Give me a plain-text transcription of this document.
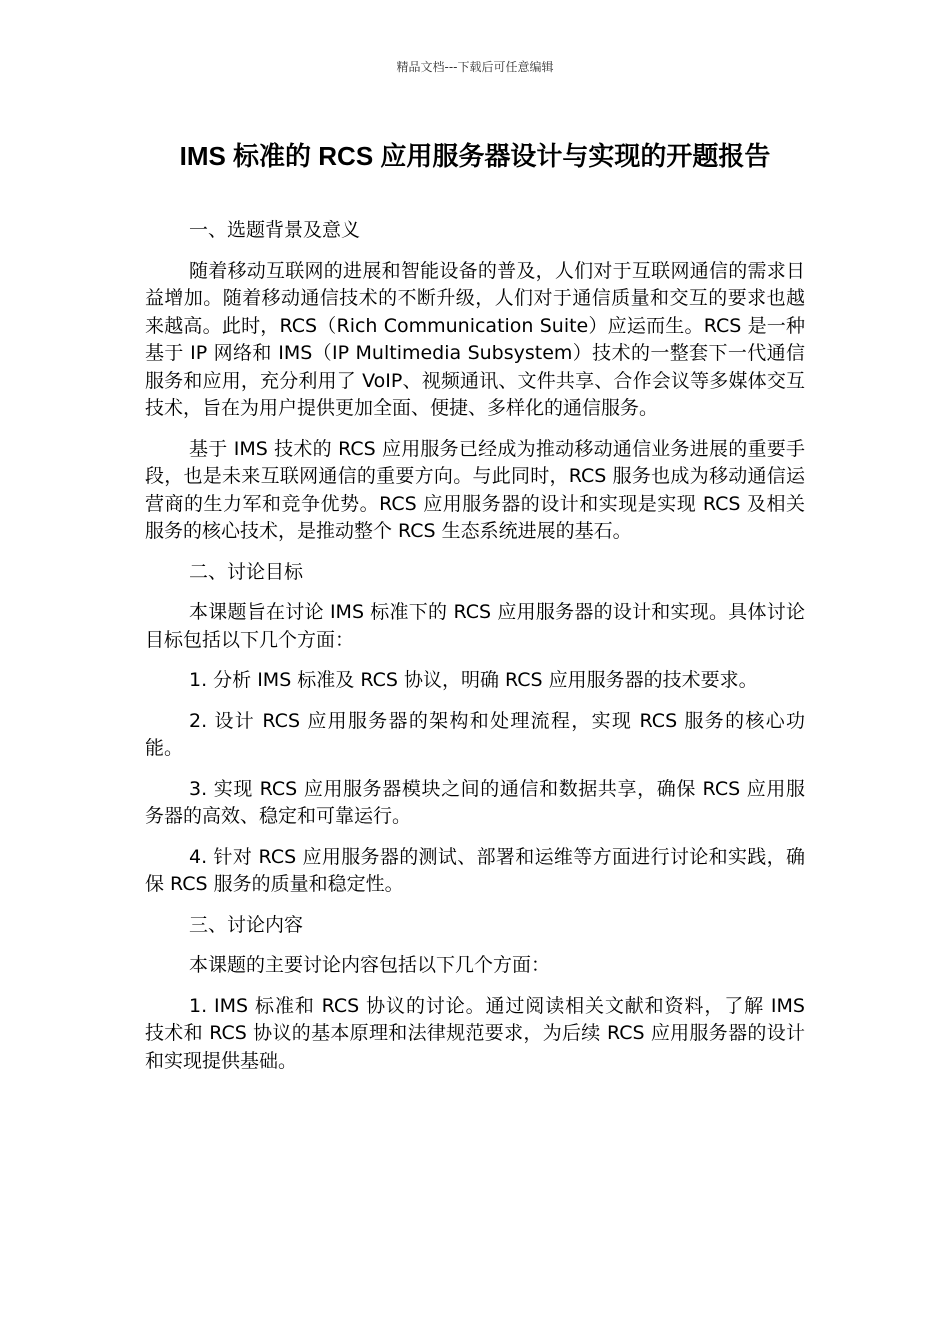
精品文档---下载后可任意编辑
IMS 标准的 RCS 应用服务器设计与实现的开题报告

一、选题背景及意义

随着移动互联网的进展和智能设备的普及，人们对于互联网通信的需求日益增加。随着移动通信技术的不断升级，人们对于通信质量和交互的要求也越来越高。此时，RCS（Rich Communication Suite）应运而生。RCS 是一种基于 IP 网络和 IMS（IP Multimedia Subsystem）技术的一整套下一代通信服务和应用，充分利用了 VoIP、视频通讯、文件共享、合作会议等多媒体交互技术，旨在为用户提供更加全面、便捷、多样化的通信服务。

基于 IMS 技术的 RCS 应用服务已经成为推动移动通信业务进展的重要手段，也是未来互联网通信的重要方向。与此同时，RCS 服务也成为移动通信运营商的生力军和竞争优势。RCS 应用服务器的设计和实现是实现 RCS 及相关服务的核心技术，是推动整个 RCS 生态系统进展的基石。

二、讨论目标

本课题旨在讨论 IMS 标准下的 RCS 应用服务器的设计和实现。具体讨论目标包括以下几个方面：

1. 分析 IMS 标准及 RCS 协议，明确 RCS 应用服务器的技术要求。

2. 设计 RCS 应用服务器的架构和处理流程，实现 RCS 服务的核心功能。

3. 实现 RCS 应用服务器模块之间的通信和数据共享，确保 RCS 应用服务器的高效、稳定和可靠运行。

4. 针对 RCS 应用服务器的测试、部署和运维等方面进行讨论和实践，确保 RCS 服务的质量和稳定性。

三、讨论内容

本课题的主要讨论内容包括以下几个方面：

1. IMS 标准和 RCS 协议的讨论。通过阅读相关文献和资料，了解 IMS 技术和 RCS 协议的基本原理和法律规范要求，为后续 RCS 应用服务器的设计和实现提供基础。
